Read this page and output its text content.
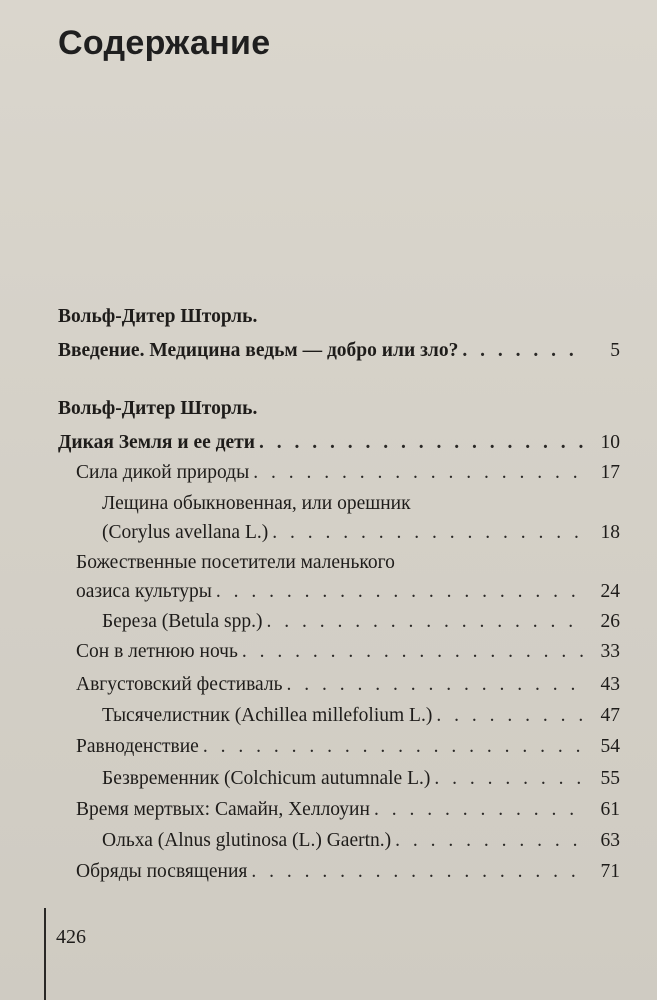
Содержание
Вольф-Дитер Шторль.
Введение. Медицина ведьм — добро или зло? . . .	5
Вольф-Дитер Шторль.
Дикая Земля и ее дети . . .	10
Сила дикой природы . . .	17
Лещина обыкновенная, или орешник
(Corylus avellana L.) . . .	18
Божественные посетители маленького
оазиса культуры . . .	24
Береза (Betula spp.) . . .	26
Сон в летнюю ночь . . .	33
Августовский фестиваль . . .	43
Тысячелистник (Achillea millefolium L.) . . .	47
Равноденствие . . .	54
Безвременник (Colchicum autumnale L.) . . .	55
Время мертвых: Самайн, Хеллоуин . . .	61
Ольха (Alnus glutinosa (L.) Gaertn.) . . .	63
Обряды посвящения . . .	71
426
